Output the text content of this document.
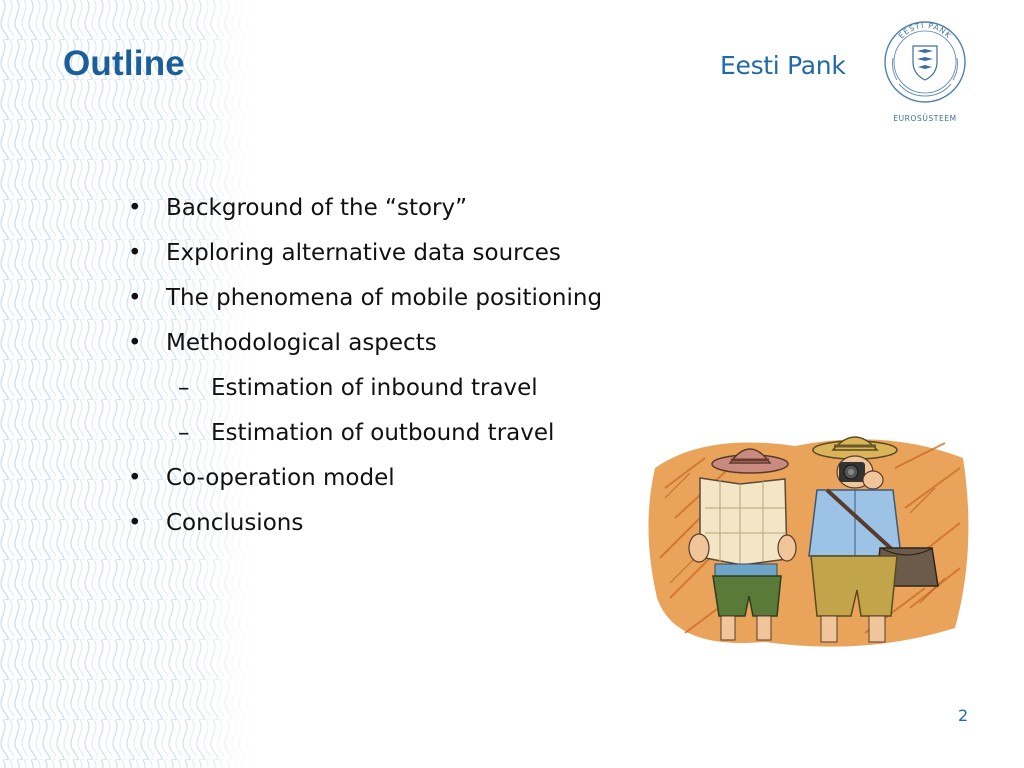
Outline	Eesti Pank
EESTI PANK
EUROSÜSTEEM
•	Background of the “story”
•	Exploring alternative data sources
•	The phenomena of mobile positioning
•	Methodological aspects
– Estimation of inbound travel
– Estimation of outbound travel
•	Co-operation model
•	Conclusions
2
